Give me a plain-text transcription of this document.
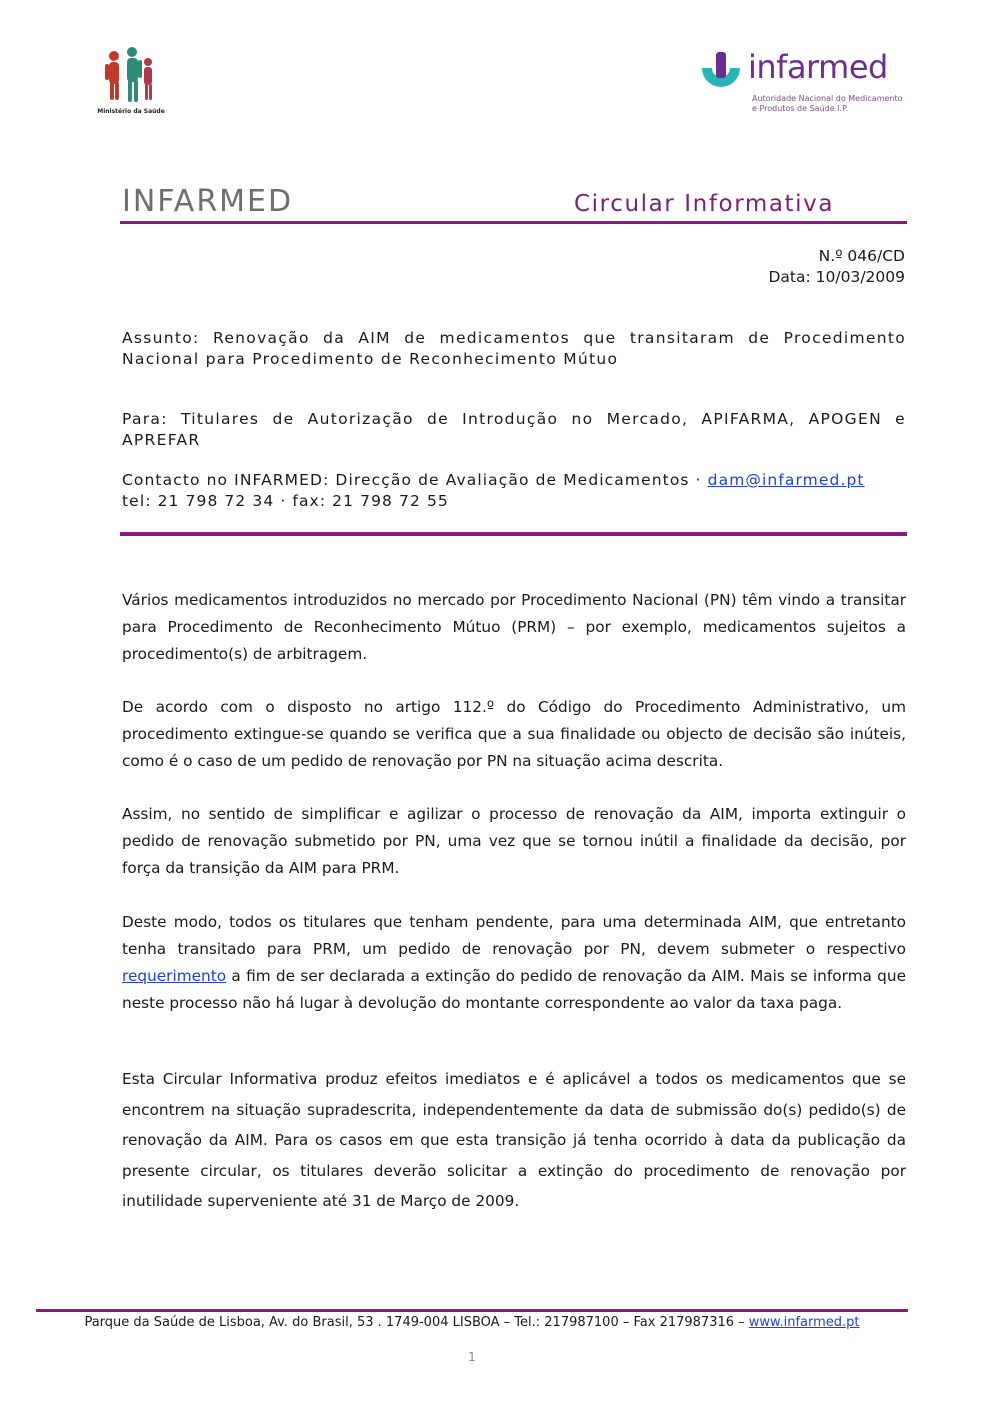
Ministério da Saúde
infarmed
Autoridade Nacional do Medicamento
e Produtos de Saúde I.P.
INFARMED	Circular Informativa
N.º 046/CD
Data: 10/03/2009
Assunto: Renovação da AIM de medicamentos que transitaram de Procedimento Nacional para Procedimento de Reconhecimento Mútuo
Para: Titulares de Autorização de Introdução no Mercado, APIFARMA, APOGEN e APREFAR
Contacto no INFARMED: Direcção de Avaliação de Medicamentos · dam@infarmed.pt
tel: 21 798 72 34 · fax: 21 798 72 55
Vários medicamentos introduzidos no mercado por Procedimento Nacional (PN) têm vindo a transitar para Procedimento de Reconhecimento Mútuo (PRM) – por exemplo, medicamentos sujeitos a procedimento(s) de arbitragem.
De acordo com o disposto no artigo 112.º do Código do Procedimento Administrativo, um procedimento extingue-se quando se verifica que a sua finalidade ou objecto de decisão são inúteis, como é o caso de um pedido de renovação por PN na situação acima descrita.
Assim, no sentido de simplificar e agilizar o processo de renovação da AIM, importa extinguir o pedido de renovação submetido por PN, uma vez que se tornou inútil a finalidade da decisão, por força da transição da AIM para PRM.
Deste modo, todos os titulares que tenham pendente, para uma determinada AIM, que entretanto tenha transitado para PRM, um pedido de renovação por PN, devem submeter o respectivo requerimento a fim de ser declarada a extinção do pedido de renovação da AIM. Mais se informa que neste processo não há lugar à devolução do montante correspondente ao valor da taxa paga.
Esta Circular Informativa produz efeitos imediatos e é aplicável a todos os medicamentos que se encontrem na situação supradescrita, independentemente da data de submissão do(s) pedido(s) de renovação da AIM. Para os casos em que esta transição já tenha ocorrido à data da publicação da presente circular, os titulares deverão solicitar a extinção do procedimento de renovação por inutilidade superveniente até 31 de Março de 2009.
Parque da Saúde de Lisboa, Av. do Brasil, 53 . 1749-004 LISBOA – Tel.: 217987100 – Fax 217987316 – www.infarmed.pt
1
